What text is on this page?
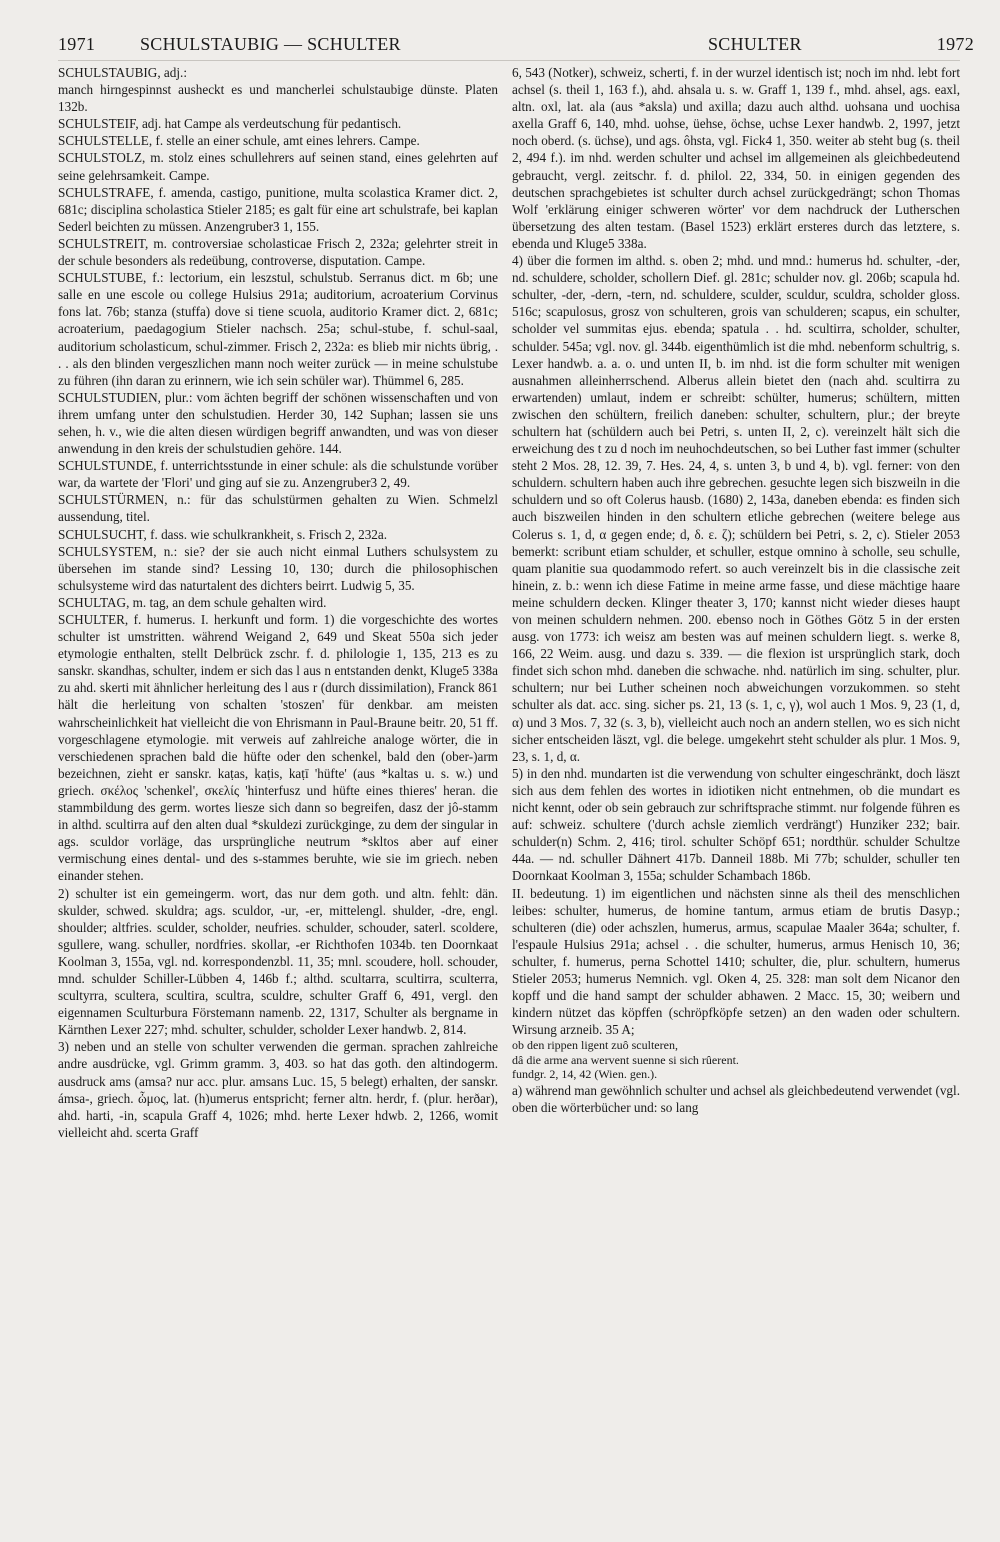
1971 SCHULSTAUBIG — SCHULTER	SCHULTER	1972

SCHULSTAUBIG, adj.:

manch hirngespinnst ausheckt es und mancherlei schulstaubige dünste. Platen 132b.

SCHULSTEIF, adj. hat Campe als verdeutschung für pedantisch.

SCHULSTELLE, f. stelle an einer schule, amt eines lehrers. Campe.

SCHULSTOLZ, m. stolz eines schullehrers auf seinen stand, eines gelehrten auf seine gelehrsamkeit. Campe.

SCHULSTRAFE, f. amenda, castigo, punitione, multa scolastica Kramer dict. 2, 681c; disciplina scholastica Stieler 2185; es galt für eine art schulstrafe, bei kaplan Sederl beichten zu müssen. Anzengruber3 1, 155.

SCHULSTREIT, m. controversiae scholasticae Frisch 2, 232a; gelehrter streit in der schule besonders als redeübung, controverse, disputation. Campe.

SCHULSTUBE, f.: lectorium, ein leszstul, schulstub. Serranus dict. m 6b; une salle en une escole ou college Hulsius 291a; auditorium, acroaterium Corvinus fons lat. 76b; stanza (stuffa) dove si tiene scuola, auditorio Kramer dict. 2, 681c; acroaterium, paedagogium Stieler nachsch. 25a; schul-stube, f. schul-saal, auditorium scholasticum, schul-zimmer. Frisch 2, 232a: es blieb mir nichts übrig, . . . als den blinden vergeszlichen mann noch weiter zurück — in meine schulstube zu führen (ihn daran zu erinnern, wie ich sein schüler war). Thümmel 6, 285.

SCHULSTUDIEN, plur.: vom ächten begriff der schönen wissenschaften und von ihrem umfang unter den schulstudien. Herder 30, 142 Suphan; lassen sie uns sehen, h. v., wie die alten diesen würdigen begriff anwandten, und was von dieser anwendung in den kreis der schulstudien gehöre. 144.

SCHULSTUNDE, f. unterrichtsstunde in einer schule: als die schulstunde vorüber war, da wartete der 'Flori' und ging auf sie zu. Anzengruber3 2, 49.

SCHULSTÜRMEN, n.: für das schulstürmen gehalten zu Wien. Schmelzl aussendung, titel.

SCHULSUCHT, f. dass. wie schulkrankheit, s. Frisch 2, 232a.

SCHULSYSTEM, n.: sie? der sie auch nicht einmal Luthers schulsystem zu übersehen im stande sind? Lessing 10, 130; durch die philosophischen schulsysteme wird das naturtalent des dichters beirrt. Ludwig 5, 35.

SCHULTAG, m. tag, an dem schule gehalten wird.

SCHULTER, f. humerus. I. herkunft und form. 1) die vorgeschichte des wortes schulter ist umstritten. während Weigand 2, 649 und Skeat 550a sich jeder etymologie enthalten, stellt Delbrück zschr. f. d. philologie 1, 135, 213 es zu sanskr. skandhas, schulter, indem er sich das l aus n entstanden denkt, Kluge5 338a zu ahd. skerti mit ähnlicher herleitung des l aus r (durch dissimilation), Franck 861 hält die herleitung von schalten 'stoszen' für denkbar. am meisten wahrscheinlichkeit hat vielleicht die von Ehrismann in Paul-Braune beitr. 20, 51 ff. vorgeschlagene etymologie. mit verweis auf zahlreiche analoge wörter, die in verschiedenen sprachen bald die hüfte oder den schenkel, bald den (ober-)arm bezeichnen, zieht er sanskr. kaṭas, kaṭis, kaṭī 'hüfte' (aus *kaltas u. s. w.) und griech. σκέλος 'schenkel', σκελίς 'hinterfusz und hüfte eines thieres' heran. die stammbildung des germ. wortes liesze sich dann so begreifen, dasz der jô-stamm in althd. scultirra auf den alten dual *skuldezi zurückginge, zu dem der singular in ags. sculdor vorläge, das ursprüngliche neutrum *skltos aber auf einer vermischung eines dental- und des s-stammes beruhte, wie sie im griech. neben einander stehen.

2) schulter ist ein gemeingerm. wort, das nur dem goth. und altn. fehlt: dän. skulder, schwed. skuldra; ags. sculdor, -ur, -er, mittelengl. shulder, -dre, engl. shoulder; altfries. sculder, scholder, neufries. schulder, schouder, saterl. scoldere, sgullere, wang. schuller, nordfries. skollar, -er Richthofen 1034b. ten Doornkaat Koolman 3, 155a, vgl. nd. korrespondenzbl. 11, 35; mnl. scoudere, holl. schouder, mnd. schulder Schiller-Lübben 4, 146b f.; althd. scultarra, scultirra, sculterra, scultyrra, scultera, scultira, scultra, sculdre, schulter Graff 6, 491, vergl. den eigennamen Sculturbura Förstemann namenb. 22, 1317, Schulter als bergname in Kärnthen Lexer 227; mhd. schulter, schulder, scholder Lexer handwb. 2, 814.

3) neben und an stelle von schulter verwenden die german. sprachen zahlreiche andre ausdrücke, vgl. Grimm gramm. 3, 403. so hat das goth. den altindogerm. ausdruck ams (amsa? nur acc. plur. amsans Luc. 15, 5 belegt) erhalten, der sanskr. ámsa-, griech. ὦμος, lat. (h)umerus entspricht; ferner altn. herdr, f. (plur. herðar), ahd. harti, -in, scapula Graff 4, 1026; mhd. herte Lexer hdwb. 2, 1266, womit vielleicht ahd. scerta Graff

6, 543 (Notker), schweiz, scherti, f. in der wurzel identisch ist; noch im nhd. lebt fort achsel (s. theil 1, 163 f.), ahd. ahsala u. s. w. Graff 1, 139 f., mhd. ahsel, ags. eaxl, altn. oxl, lat. ala (aus *aksla) und axilla; dazu auch althd. uohsana und uochisa axella Graff 6, 140, mhd. uohse, üehse, öchse, uchse Lexer handwb. 2, 1997, jetzt noch oberd. (s. üchse), und ags. ôhsta, vgl. Fick4 1, 350. weiter ab steht bug (s. theil 2, 494 f.). im nhd. werden schulter und achsel im allgemeinen als gleichbedeutend gebraucht, vergl. zeitschr. f. d. philol. 22, 334, 50. in einigen gegenden des deutschen sprachgebietes ist schulter durch achsel zurückgedrängt; schon Thomas Wolf 'erklärung einiger schweren wörter' vor dem nachdruck der Lutherschen übersetzung des alten testam. (Basel 1523) erklärt ersteres durch das letztere, s. ebenda und Kluge5 338a.

4) über die formen im althd. s. oben 2; mhd. und mnd.: humerus hd. schulter, -der, nd. schuldere, scholder, schollern Dief. gl. 281c; schulder nov. gl. 206b; scapula hd. schulter, -der, -dern, -tern, nd. schuldere, sculder, sculdur, sculdra, scholder gloss. 516c; scapulosus, grosz von schulteren, grois van schulderen; scapus, ein schulter, scholder vel summitas ejus. ebenda; spatula . . hd. scultirra, scholder, schulter, schulder. 545a; vgl. nov. gl. 344b. eigenthümlich ist die mhd. nebenform schultrig, s. Lexer handwb. a. a. o. und unten II, b. im nhd. ist die form schulter mit wenigen ausnahmen alleinherrschend. Alberus allein bietet den (nach ahd. scultirra zu erwartenden) umlaut, indem er schreibt: schülter, humerus; schültern, mitten zwischen den schültern, freilich daneben: schulter, schultern, plur.; der breyte schultern hat (schüldern auch bei Petri, s. unten II, 2, c). vereinzelt hält sich die erweichung des t zu d noch im neuhochdeutschen, so bei Luther fast immer (schulter steht 2 Mos. 28, 12. 39, 7. Hes. 24, 4, s. unten 3, b und 4, b). vgl. ferner: von den schuldern. schultern haben auch ihre gebrechen. gesuchte legen sich biszweiln in die schuldern und so oft Colerus hausb. (1680) 2, 143a, daneben ebenda: es finden sich auch biszweilen hinden in den schultern etliche gebrechen (weitere belege aus Colerus s. 1, d, α gegen ende; d, δ. ε. ζ); schüldern bei Petri, s. 2, c). Stieler 2053 bemerkt: scribunt etiam schulder, et schuller, estque omnino à scholle, seu schulle, quam planitie sua quodammodo refert. so auch vereinzelt bis in die classische zeit hinein, z. b.: wenn ich diese Fatime in meine arme fasse, und diese mächtige haare meine schuldern decken. Klinger theater 3, 170; kannst nicht wieder dieses haupt von meinen schuldern nehmen. 200. ebenso noch in Göthes Götz 5 in der ersten ausg. von 1773: ich weisz am besten was auf meinen schuldern liegt. s. werke 8, 166, 22 Weim. ausg. und dazu s. 339. — die flexion ist ursprünglich stark, doch findet sich schon mhd. daneben die schwache. nhd. natürlich im sing. schulter, plur. schultern; nur bei Luther scheinen noch abweichungen vorzukommen. so steht schulter als dat. acc. sing. sicher ps. 21, 13 (s. 1, c, γ), wol auch 1 Mos. 9, 23 (1, d, α) und 3 Mos. 7, 32 (s. 3, b), vielleicht auch noch an andern stellen, wo es sich nicht sicher entscheiden läszt, vgl. die belege. umgekehrt steht schulder als plur. 1 Mos. 9, 23, s. 1, d, α.

5) in den nhd. mundarten ist die verwendung von schulter eingeschränkt, doch läszt sich aus dem fehlen des wortes in idiotiken nicht entnehmen, ob die mundart es nicht kennt, oder ob sein gebrauch zur schriftsprache stimmt. nur folgende führen es auf: schweiz. schultere ('durch achsle ziemlich verdrängt') Hunziker 232; bair. schulder(n) Schm. 2, 416; tirol. schulter Schöpf 651; nordthür. schulder Schultze 44a. — nd. schuller Dähnert 417b. Danneil 188b. Mi 77b; schulder, schuller ten Doornkaat Koolman 3, 155a; schulder Schambach 186b.

II. bedeutung. 1) im eigentlichen und nächsten sinne als theil des menschlichen leibes: schulter, humerus, de homine tantum, armus etiam de brutis Dasyp.; schulteren (die) oder achszlen, humerus, armus, scapulae Maaler 364a; schulter, f. l'espaule Hulsius 291a; achsel . . die schulter, humerus, armus Henisch 10, 36; schulter, f. humerus, perna Schottel 1410; schulter, die, plur. schultern, humerus Stieler 2053; humerus Nemnich. vgl. Oken 4, 25. 328: man solt dem Nicanor den kopff und die hand sampt der schulder abhawen. 2 Macc. 15, 30; weibern und kindern nützet das köpffen (schröpfköpfe setzen) an den waden oder schultern. Wirsung arzneib. 35 A;

ob den rippen ligent zuô sculteren,

dâ die arme ana wervent suenne si sich rûerent.

fundgr. 2, 14, 42 (Wien. gen.).

a) während man gewöhnlich schulter und achsel als gleichbedeutend verwendet (vgl. oben die wörterbücher und: so lang
